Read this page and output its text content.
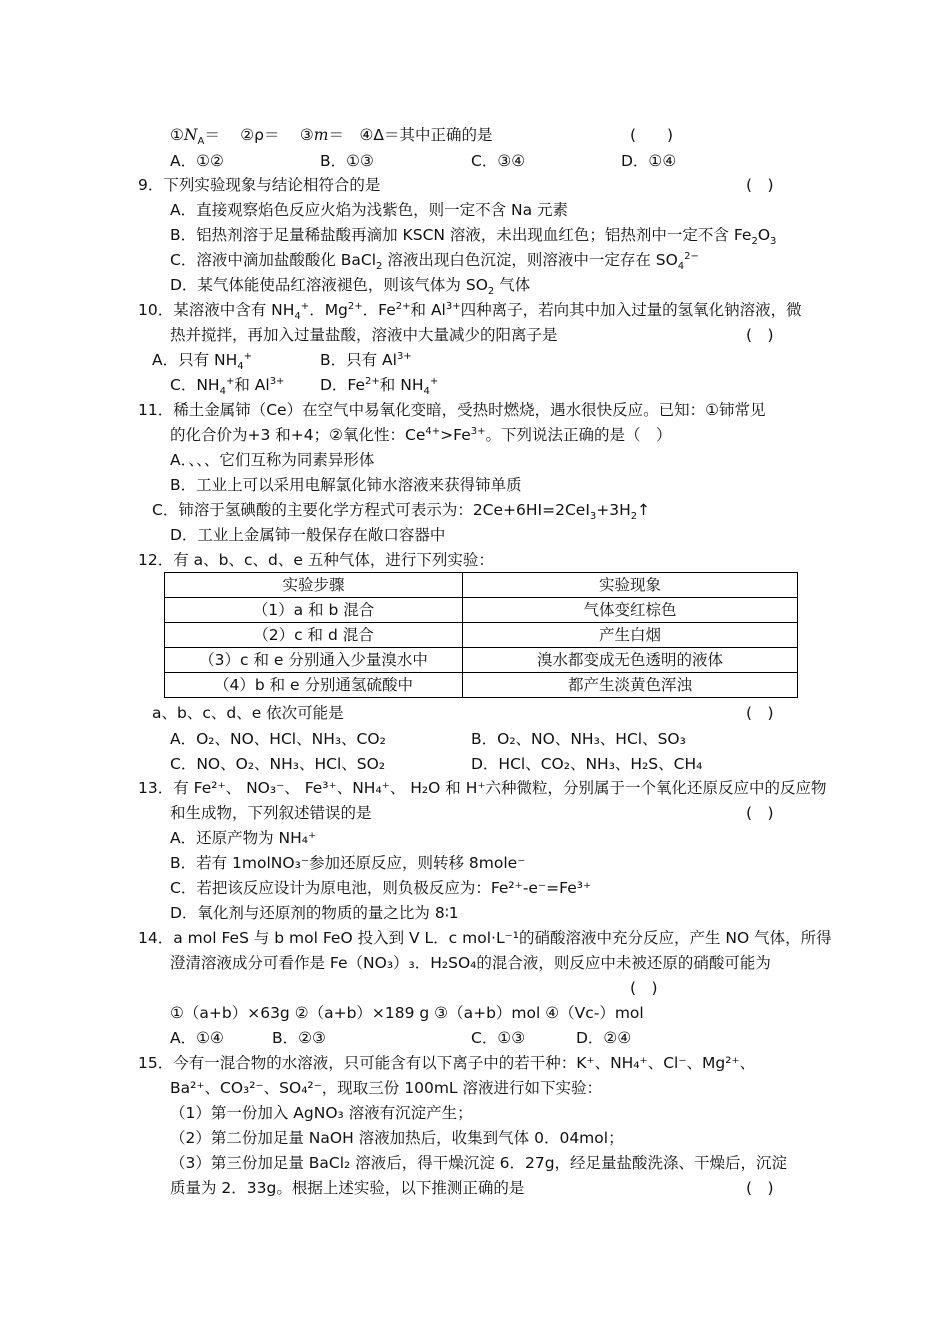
$①N_A=$　 ②ρ＝　 ③m＝　④Δ＝其中正确的是	(　　)
A．①②	B．①③	C．③④	D．①④
9．下列实验现象与结论相符合的是	(　)
A．直接观察焰色反应火焰为浅紫色，则一定不含 Na 元素
B．铝热剂溶于足量稀盐酸再滴加 KSCN 溶液，未出现血红色；铝热剂中一定不含 $Fe_2O_3$
C．溶液中滴加盐酸酸化 BaCl$_2$ 溶液出现白色沉淀，则溶液中一定存在 $SO_4^{2-}$
D．某气体能使品红溶液褪色，则该气体为 $SO_2$ 气体
10．某溶液中含有 $NH_4^+$．$Mg^{2+}$．$Fe^{2+}$和 $Al^{3+}$四种离子，若向其中加入过量的氢氧化钠溶液，微
热并搅拌，再加入过量盐酸，溶液中大量减少的阳离子是	(　)
A．只有 $NH_4^+$	B．只有 $Al^{3+}$
C．$NH_4^+$和 $Al^{3+}$ D．$Fe^{2+}$和 $NH_4^+$
11．稀土金属铈（Ce）在空气中易氧化变暗，受热时燃烧，遇水很快反应。已知：①铈常见
的化合价为+3 和+4；②氧化性：$Ce^{4+}>Fe^{3+}$。下列说法正确的是（　）
A．、、、它们互称为同素异形体
B．工业上可以采用电解氯化铈水溶液来获得铈单质
C．铈溶于氢碘酸的主要化学方程式可表示为：$2Ce+6HI=2CeI_3+3H_2↑$
D．工业上金属铈一般保存在敞口容器中
12．有 a、b、c、d、e 五种气体，进行下列实验：
实验步骤	实验现象
（1）a 和 b 混合	气体变红棕色
（2）c 和 d 混合	产生白烟
（3）c 和 e 分别通入少量溴水中	溴水都变成无色透明的液体
（4）b 和 e 分别通氢硫酸中	都产生淡黄色浑浊
a、b、c、d、e 依次可能是	(　)
A．O₂、NO、HCl、NH₃、CO₂	B．O₂、NO、NH₃、HCl、SO₃
C．NO、O₂、NH₃、HCl、SO₂	D．HCl、CO₂、NH₃、H₂S、CH₄
13．有 Fe²⁺、 NO₃⁻、 Fe³⁺、NH₄⁺、 H₂O 和 H⁺六种微粒，分别属于一个氧化还原反应中的反应物
和生成物，下列叙述错误的是	(　)
A．还原产物为 NH₄⁺
B．若有 1molNO₃⁻参加还原反应，则转移 8mole⁻
C．若把该反应设计为原电池，则负极反应为：Fe²⁺-e⁻=Fe³⁺
D．氧化剂与还原剂的物质的量之比为 8∶1
14．a mol FeS 与 b mol FeO 投入到 V L．c mol·L⁻¹的硝酸溶液中充分反应，产生 NO 气体，所得
澄清溶液成分可看作是 Fe（NO₃）₃．H₂SO₄的混合液，则反应中未被还原的硝酸可能为
(　)
①（a+b）×63g ②（a+b）×189 g ③（a+b）mol ④（Vc-）mol
A．①④	B．②③	C．①③	D．②④
15．今有一混合物的水溶液，只可能含有以下离子中的若干种：K⁺、NH₄⁺、Cl⁻、Mg²⁺、
Ba²⁺、CO₃²⁻、SO₄²⁻，现取三份 100mL 溶液进行如下实验：
（1）第一份加入 AgNO₃ 溶液有沉淀产生；
（2）第二份加足量 NaOH 溶液加热后，收集到气体 0．04mol；
（3）第三份加足量 BaCl₂ 溶液后，得干燥沉淀 6．27g，经足量盐酸洗涤、干燥后，沉淀
质量为 2．33g。根据上述实验，以下推测正确的是	(　)
